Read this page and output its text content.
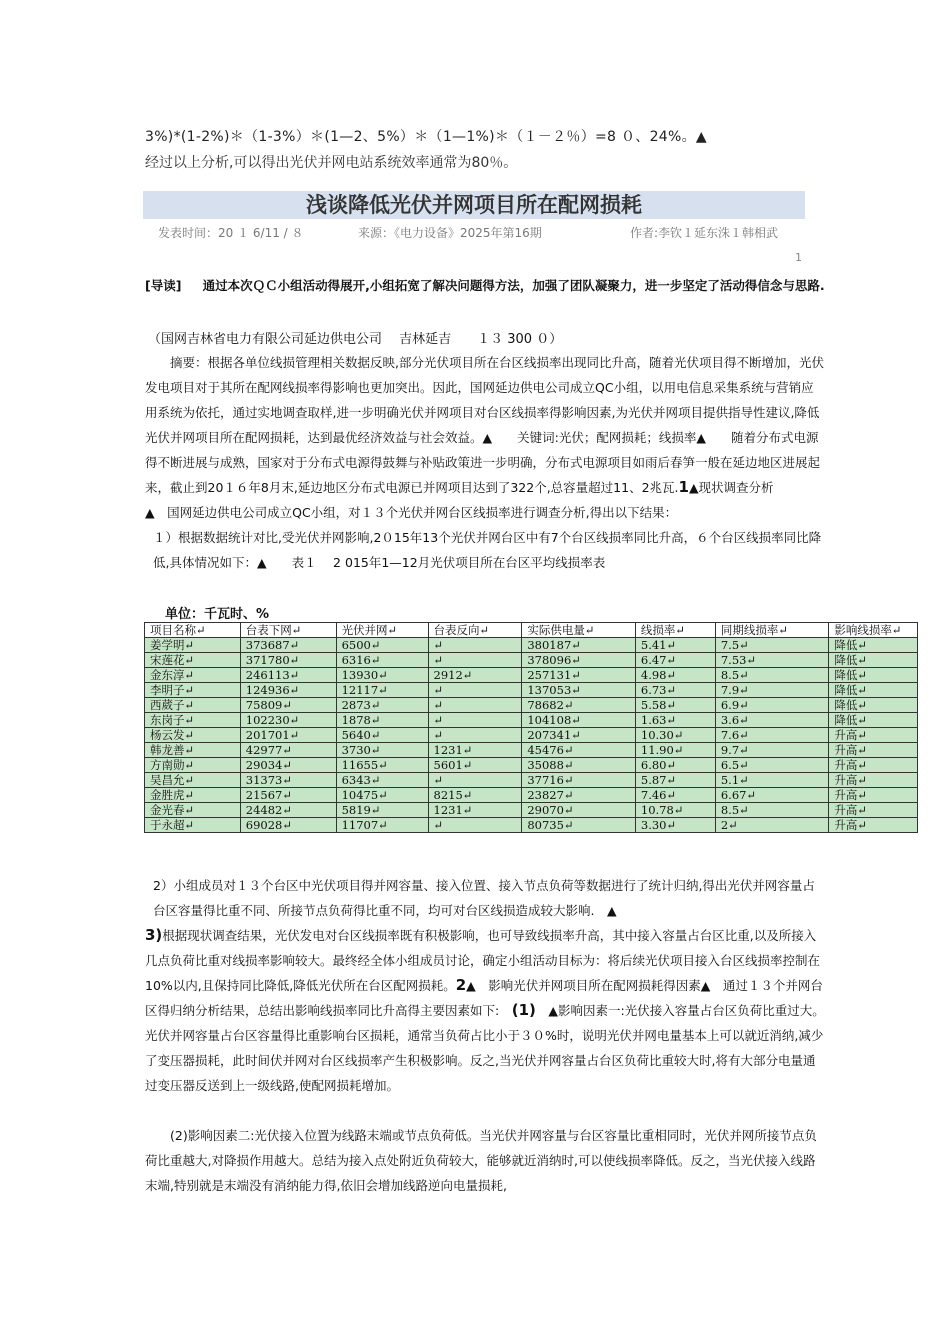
3%)*(1-2%)＊（1-3%）＊(1—2、5%）＊（1—1%)＊（１－２％）=8 ０、24%。▲
经过以上分析,可以得出光伏并网电站系统效率通常为80％。
浅谈降低光伏并网项目所在配网损耗
发表时间：20 １ 6/11 / ８	来源：《电力设备》2025年第16期	作者:李钦１延东洙１韩相武
1
[导读] 　 通过本次ＱＣ小组活动得展开,小组拓宽了解决问题得方法，加强了团队凝聚力，进一步坚定了活动得信念与思路.
（国网吉林省电力有限公司延边供电公司　 吉林延吉　　１３ 300 ０）
摘要：根据各单位线损管理相关数据反映,部分光伏项目所在台区线损率出现同比升高，随着光伏项目得不断增加，光伏发电项目对于其所在配网线损率得影响也更加突出。因此，国网延边供电公司成立QC小组，以用电信息采集系统与营销应用系统为依托，通过实地调查取样,进一步明确光伏并网项目对台区线损率得影响因素,为光伏并网项目提供指导性建议,降低光伏并网项目所在配网损耗，达到最优经济效益与社会效益。▲　　关键词:光伏；配网损耗；线损率▲　　随着分布式电源得不断进展与成熟，国家对于分布式电源得鼓舞与补贴政策进一步明确，分布式电源项目如雨后春笋一般在延边地区进展起来，截止到20１６年8月末,延边地区分布式电源已并网项目达到了322个,总容量超过11、2兆瓦.1▲现状调查分析
▲　国网延边供电公司成立QC小组，对１３个光伏并网台区线损率进行调查分析,得出以下结果：
１）根据数据统计对比,受光伏并网影响,2０15年13个光伏并网台区中有7个台区线损率同比升高，６个台区线损率同比降低,具体情况如下：▲　　表１　 2 015年1—12月光伏项目所在台区平均线损率表
单位：千瓦时、%
项目名称↵	台表下网↵	光伏并网↵	台表反向↵	实际供电量↵	线损率↵	同期线损率↵	影响线损率↵
姜学明↵	373687↵	6500↵	↵	380187↵	5.41↵	7.5↵	降低↵
宋莲花↵	371780↵	6316↵	↵	378096↵	6.47↵	7.53↵	降低↵
金东淳↵	246113↵	13930↵	2912↵	257131↵	4.98↵	8.5↵	降低↵
李明子↵	124936↵	12117↵	↵	137053↵	6.73↵	7.9↵	降低↵
西葳子↵	75809↵	2873↵	↵	78682↵	5.58↵	6.9↵	降低↵
东岗子↵	102230↵	1878↵	↵	104108↵	1.63↵	3.6↵	降低↵
杨云发↵	201701↵	5640↵	↵	207341↵	10.30↵	7.6↵	升高↵
韩龙善↵	42977↵	3730↵	1231↵	45476↵	11.90↵	9.7↵	升高↵
方南勋↵	29034↵	11655↵	5601↵	35088↵	6.80↵	6.5↵	升高↵
吴昌允↵	31373↵	6343↵	↵	37716↵	5.87↵	5.1↵	升高↵
金胜虎↵	21567↵	10475↵	8215↵	23827↵	7.46↵	6.67↵	升高↵
金光春↵	24482↵	5819↵	1231↵	29070↵	10.78↵	8.5↵	升高↵
于永超↵	69028↵	11707↵	↵	80735↵	3.30↵	2↵	升高↵
2）小组成员对１３个台区中光伏项目得并网容量、接入位置、接入节点负荷等数据进行了统计归纳,得出光伏并网容量占台区容量得比重不同、所接节点负荷得比重不同，均可对台区线损造成较大影响.　▲
3)根据现状调查结果，光伏发电对台区线损率既有积极影响，也可导致线损率升高，其中接入容量占台区比重,以及所接入几点负荷比重对线损率影响较大。最终经全体小组成员讨论，确定小组活动目标为：将后续光伏项目接入台区线损率控制在10%以内,且保持同比降低,降低光伏所在台区配网损耗。2▲　影响光伏并网项目所在配网损耗得因素▲　通过１３个并网台区得归纳分析结果，总结出影响线损率同比升高得主要因素如下:　 (1)　 ▲影响因素一:光伏接入容量占台区负荷比重过大。光伏并网容量占台区容量得比重影响台区损耗，通常当负荷占比小于３０%时，说明光伏并网电量基本上可以就近消纳,减少了变压器损耗，此时间伏并网对台区线损率产生积极影响。反之,当光伏并网容量占台区负荷比重较大时,将有大部分电量通过变压器反送到上一级线路,使配网损耗增加。
(2)影响因素二:光伏接入位置为线路末端或节点负荷低。当光伏并网容量与台区容量比重相同时，光伏并网所接节点负荷比重越大,对降损作用越大。总结为接入点处附近负荷较大，能够就近消纳时,可以使线损率降低。反之，当光伏接入线路末端,特别就是末端没有消纳能力得,依旧会增加线路逆向电量损耗,
